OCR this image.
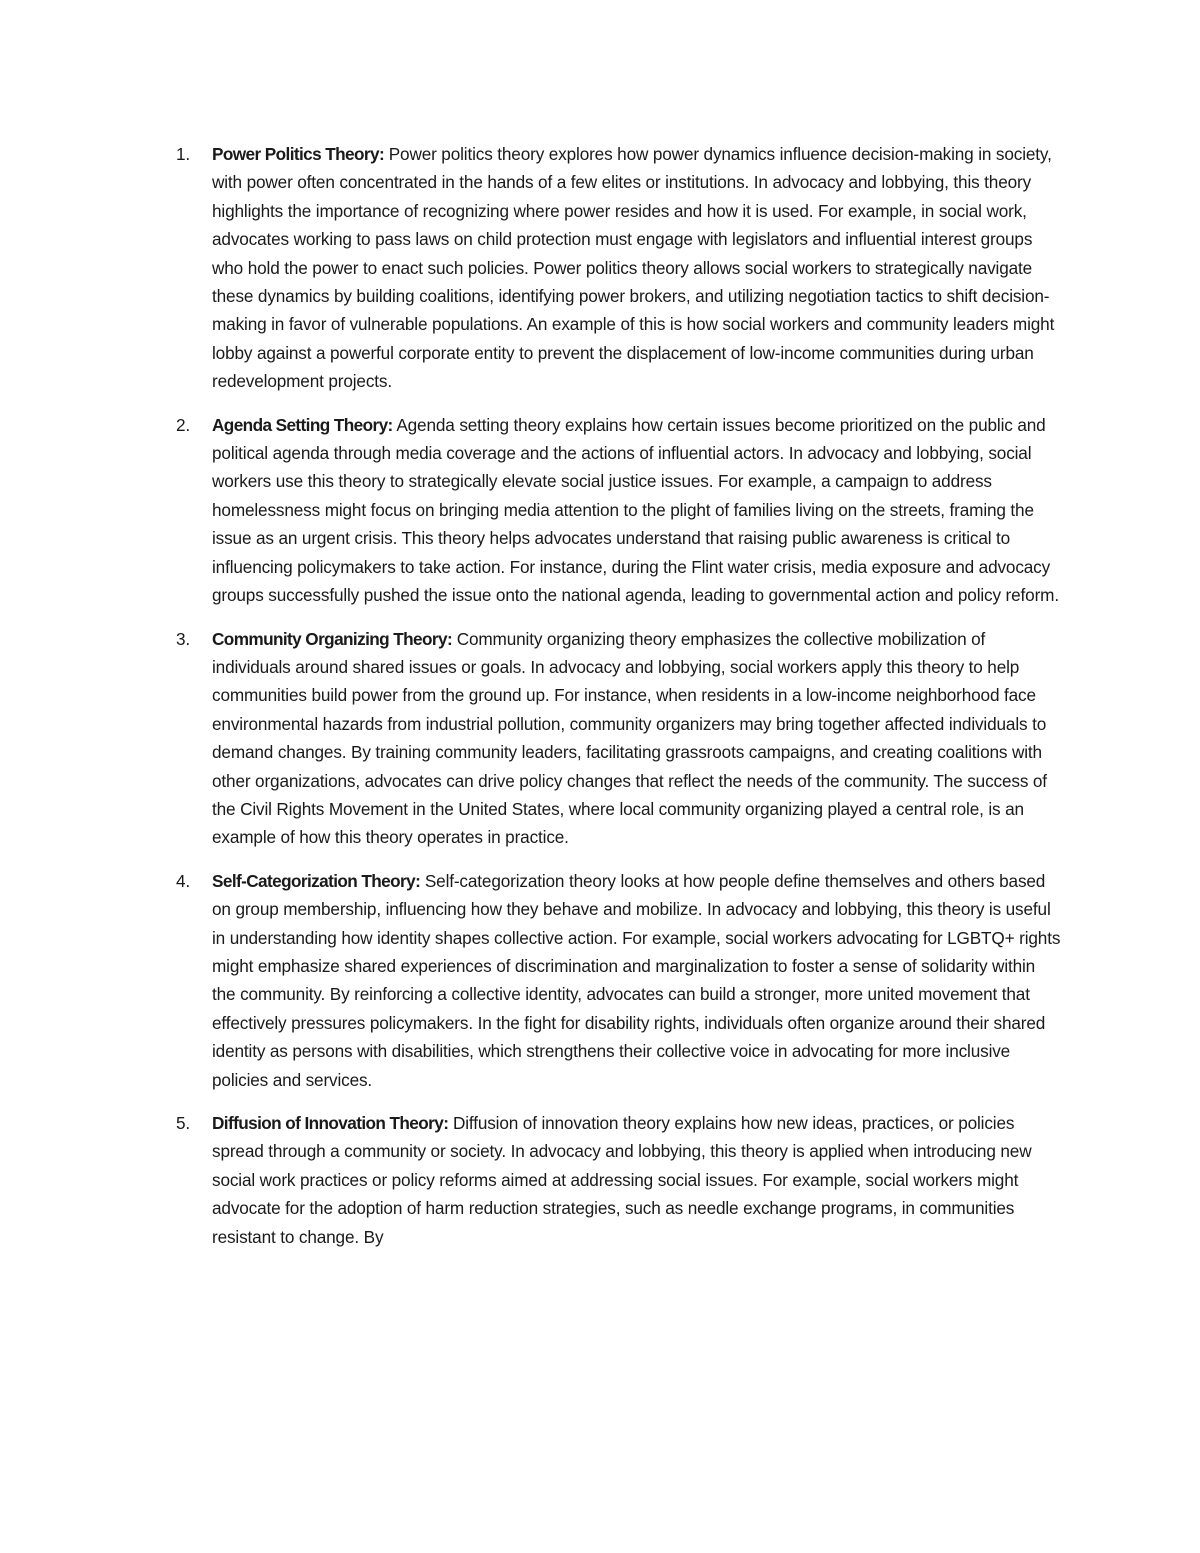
1. Power Politics Theory: Power politics theory explores how power dynamics influence decision-making in society, with power often concentrated in the hands of a few elites or institutions. In advocacy and lobbying, this theory highlights the importance of recognizing where power resides and how it is used. For example, in social work, advocates working to pass laws on child protection must engage with legislators and influential interest groups who hold the power to enact such policies. Power politics theory allows social workers to strategically navigate these dynamics by building coalitions, identifying power brokers, and utilizing negotiation tactics to shift decision-making in favor of vulnerable populations. An example of this is how social workers and community leaders might lobby against a powerful corporate entity to prevent the displacement of low-income communities during urban redevelopment projects.
2. Agenda Setting Theory: Agenda setting theory explains how certain issues become prioritized on the public and political agenda through media coverage and the actions of influential actors. In advocacy and lobbying, social workers use this theory to strategically elevate social justice issues. For example, a campaign to address homelessness might focus on bringing media attention to the plight of families living on the streets, framing the issue as an urgent crisis. This theory helps advocates understand that raising public awareness is critical to influencing policymakers to take action. For instance, during the Flint water crisis, media exposure and advocacy groups successfully pushed the issue onto the national agenda, leading to governmental action and policy reform.
3. Community Organizing Theory: Community organizing theory emphasizes the collective mobilization of individuals around shared issues or goals. In advocacy and lobbying, social workers apply this theory to help communities build power from the ground up. For instance, when residents in a low-income neighborhood face environmental hazards from industrial pollution, community organizers may bring together affected individuals to demand changes. By training community leaders, facilitating grassroots campaigns, and creating coalitions with other organizations, advocates can drive policy changes that reflect the needs of the community. The success of the Civil Rights Movement in the United States, where local community organizing played a central role, is an example of how this theory operates in practice.
4. Self-Categorization Theory: Self-categorization theory looks at how people define themselves and others based on group membership, influencing how they behave and mobilize. In advocacy and lobbying, this theory is useful in understanding how identity shapes collective action. For example, social workers advocating for LGBTQ+ rights might emphasize shared experiences of discrimination and marginalization to foster a sense of solidarity within the community. By reinforcing a collective identity, advocates can build a stronger, more united movement that effectively pressures policymakers. In the fight for disability rights, individuals often organize around their shared identity as persons with disabilities, which strengthens their collective voice in advocating for more inclusive policies and services.
5. Diffusion of Innovation Theory: Diffusion of innovation theory explains how new ideas, practices, or policies spread through a community or society. In advocacy and lobbying, this theory is applied when introducing new social work practices or policy reforms aimed at addressing social issues. For example, social workers might advocate for the adoption of harm reduction strategies, such as needle exchange programs, in communities resistant to change. By
